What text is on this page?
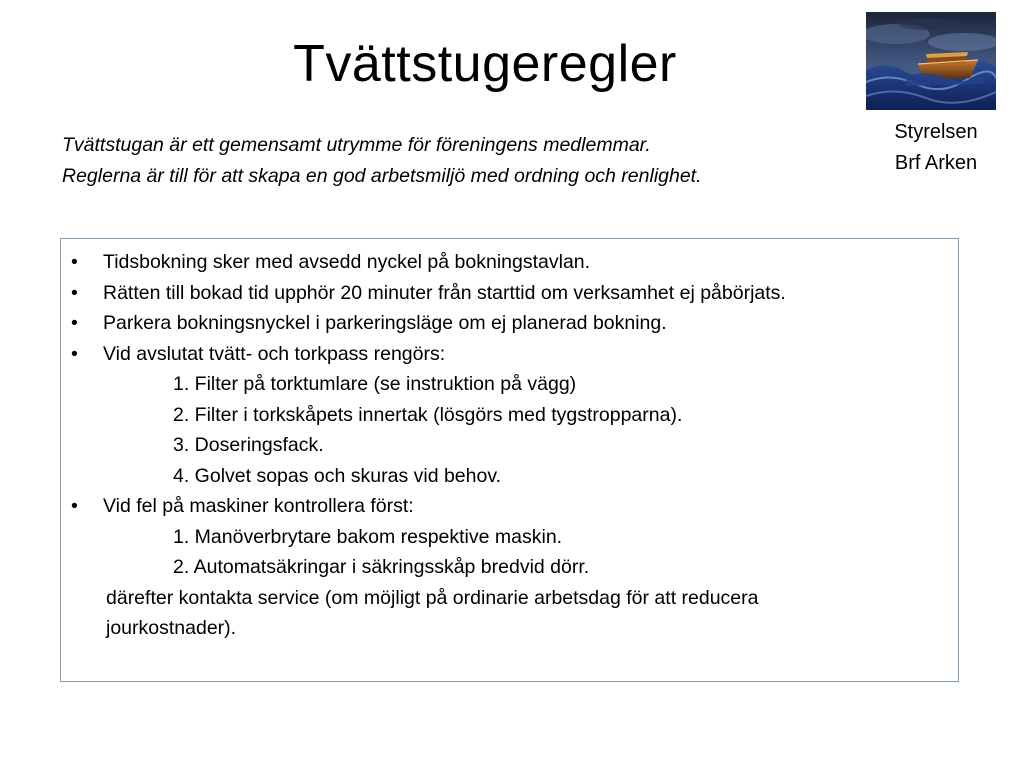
Tvättstugeregler
Styrelsen
Brf Arken
Tvättstugan är ett gemensamt utrymme för föreningens medlemmar.
Reglerna är till för att skapa en god arbetsmiljö med ordning och renlighet.
• Tidsbokning sker med avsedd nyckel på bokningstavlan.
• Rätten till bokad tid upphör 20 minuter från starttid om verksamhet ej påbörjats.
• Parkera bokningsnyckel i parkeringsläge om ej planerad bokning.
• Vid avslutat tvätt- och torkpass rengörs:
1. Filter på torktumlare (se instruktion på vägg)
2. Filter i torkskåpets innertak (lösgörs med tygstropparna).
3. Doseringsfack.
4. Golvet sopas och skuras vid behov.
• Vid fel på maskiner kontrollera först:
1. Manöverbrytare bakom respektive maskin.
2. Automatsäkringar i säkringsskåp bredvid dörr.
därefter kontakta service (om möjligt på ordinarie arbetsdag för att reducera
jourkostnader).
